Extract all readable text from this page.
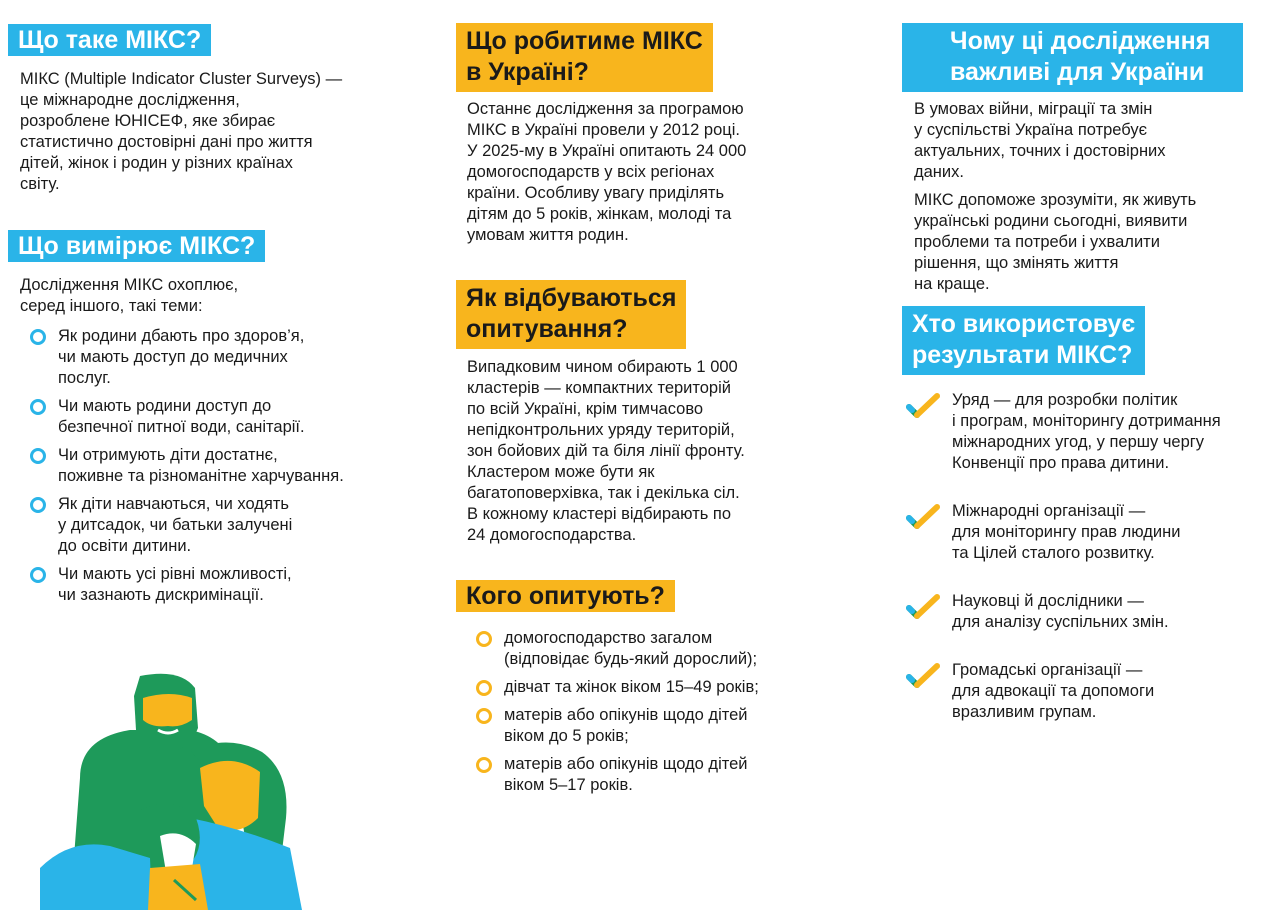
Що таке МІКС?

МІКС (Multiple Indicator Cluster Surveys) —
це міжнародне дослідження,
розроблене ЮНІСЕФ, яке збирає
статистично достовірні дані про життя
дітей, жінок і родин у різних країнах
світу.

Що вимірює МІКС?

Дослідження МІКС охоплює,
серед іншого, такі теми:

Як родини дбають про здоров’я,
чи мають доступ до медичних
послуг.
Чи мають родини доступ до
безпечної питної води, санітарії.
Чи отримують діти достатнє,
поживне та різноманітне харчування.
Як діти навчаються, чи ходять
у дитсадок, чи батьки залучені
до освіти дитини.
Чи мають усі рівні можливості,
чи зазнають дискримінації.
Що робитиме МІКС
в Україні?

Останнє дослідження за програмою
МІКС в Україні провели у 2012 році.
У 2025-му в Україні опитають 24 000
домогосподарств у всіх регіонах
країни. Особливу увагу приділять
дітям до 5 років, жінкам, молоді та
умовам життя родин.

Як відбуваються
опитування?

Випадковим чином обирають 1 000
кластерів — компактних територій
по всій Україні, крім тимчасово
непідконтрольних уряду територій,
зон бойових дій та біля лінії фронту.
Кластером може бути як
багатоповерхівка, так і декілька сіл.
В кожному кластері відбирають по
24 домогосподарства.

Кого опитують?
домогосподарство загалом
(відповідає будь-який дорослий);
дівчат та жінок віком 15–49 років;
матерів або опікунів щодо дітей
віком до 5 років;
матерів або опікунів щодо дітей
віком 5–17 років.
Чому ці дослідження
важливі для України

В умовах війни, міграції та змін
у суспільстві Україна потребує
актуальних, точних і достовірних
даних.

МІКС допоможе зрозуміти, як живуть
українські родини сьогодні, виявити
проблеми та потреби і ухвалити
рішення, що змінять життя
на краще.

Хто використовує
результати МІКС?
Уряд — для розробки політик
і програм, моніторингу дотримання
міжнародних угод, у першу чергу
Конвенції про права дитини.
Міжнародні організації —
для моніторингу прав людини
та Цілей сталого розвитку.
Науковці й дослідники —
для аналізу суспільних змін.
Громадські організації —
для адвокації та допомоги
вразливим групам.
